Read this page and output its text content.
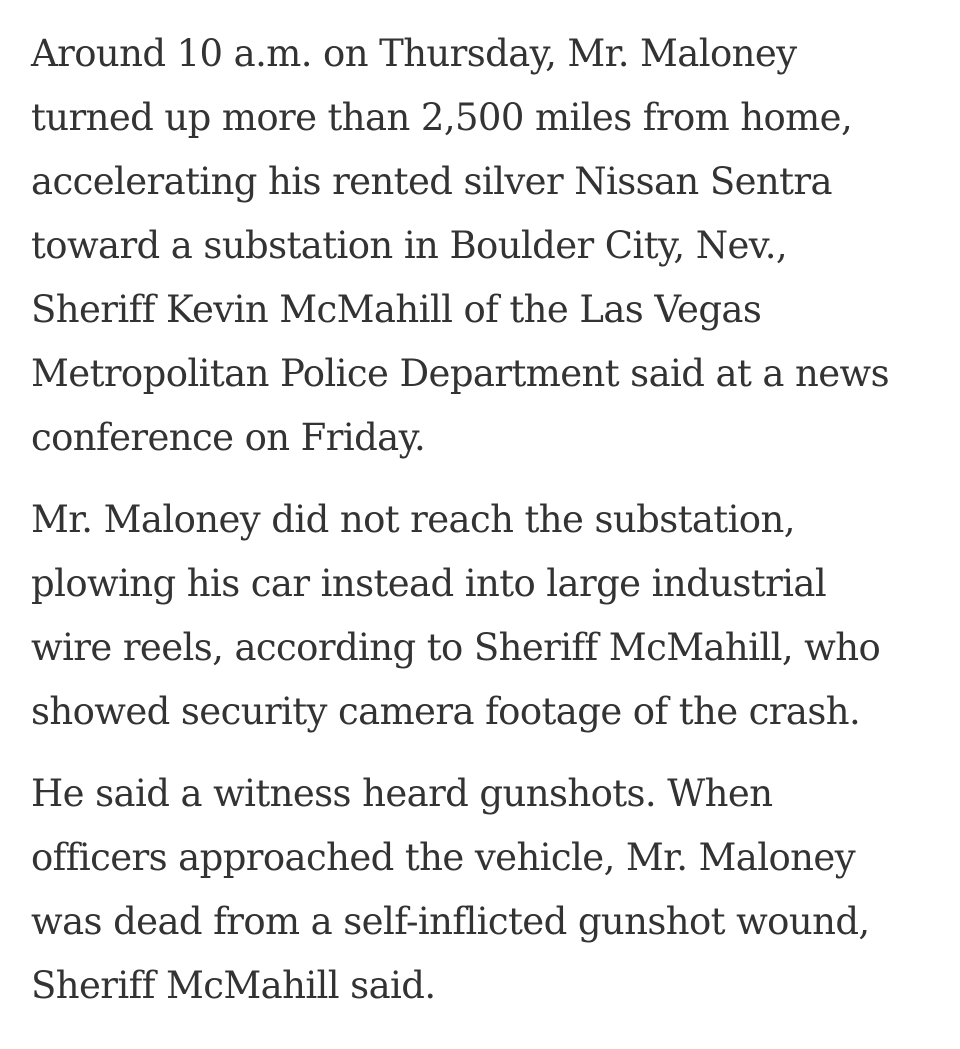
Around 10 a.m. on Thursday, Mr. Maloney
turned up more than 2,500 miles from home,
accelerating his rented silver Nissan Sentra
toward a substation in Boulder City, Nev.,
Sheriff Kevin McMahill of the Las Vegas
Metropolitan Police Department said at a news
conference on Friday.

Mr. Maloney did not reach the substation,
plowing his car instead into large industrial
wire reels, according to Sheriff McMahill, who
showed security camera footage of the crash.

He said a witness heard gunshots. When
officers approached the vehicle, Mr. Maloney
was dead from a self-inflicted gunshot wound,
Sheriff McMahill said.
